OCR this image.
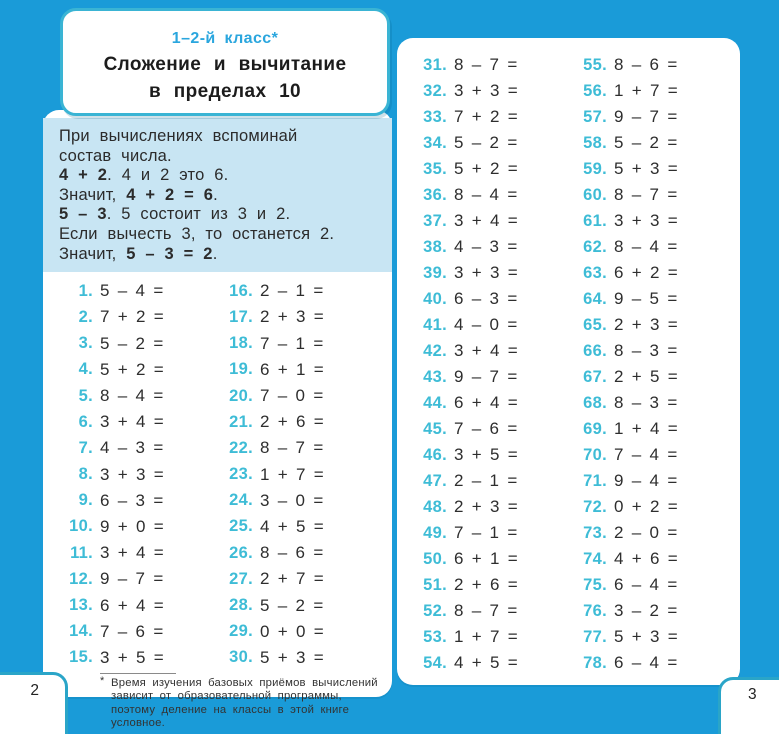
При вычислениях вспоминай
состав числа.
4 + 2. 4 и 2 это 6.
Значит, 4 + 2 = 6.
5 – 3. 5 состоит из 3 и 2.
Если вычесть 3, то останется 2.
Значит, 5 – 3 = 2.
1. 5 – 4 =
2. 7 + 2 =
3. 5 – 2 =
4. 5 + 2 =
5. 8 – 4 =
6. 3 + 4 =
7. 4 – 3 =
8. 3 + 3 =
9. 6 – 3 =
10. 9 + 0 =
11. 3 + 4 =
12. 9 – 7 =
13. 6 + 4 =
14. 7 – 6 =
15. 3 + 5 =
16. 2 – 1 =
17. 2 + 3 =
18. 7 – 1 =
19. 6 + 1 =
20. 7 – 0 =
21. 2 + 6 =
22. 8 – 7 =
23. 1 + 7 =
24. 3 – 0 =
25. 4 + 5 =
26. 8 – 6 =
27. 2 + 7 =
28. 5 – 2 =
29. 0 + 0 =
30. 5 + 3 =
* Время изучения базовых приёмов вычислений зависит от образовательной программы, поэтому деление на классы в этой книге условное.
1–2-й класс*
Сложение и вычитание
в пределах 10
31. 8 – 7 =
32. 3 + 3 =
33. 7 + 2 =
34. 5 – 2 =
35. 5 + 2 =
36. 8 – 4 =
37. 3 + 4 =
38. 4 – 3 =
39. 3 + 3 =
40. 6 – 3 =
41. 4 – 0 =
42. 3 + 4 =
43. 9 – 7 =
44. 6 + 4 =
45. 7 – 6 =
46. 3 + 5 =
47. 2 – 1 =
48. 2 + 3 =
49. 7 – 1 =
50. 6 + 1 =
51. 2 + 6 =
52. 8 – 7 =
53. 1 + 7 =
54. 4 + 5 =
55. 8 – 6 =
56. 1 + 7 =
57. 9 – 7 =
58. 5 – 2 =
59. 5 + 3 =
60. 8 – 7 =
61. 3 + 3 =
62. 8 – 4 =
63. 6 + 2 =
64. 9 – 5 =
65. 2 + 3 =
66. 8 – 3 =
67. 2 + 5 =
68. 8 – 3 =
69. 1 + 4 =
70. 7 – 4 =
71. 9 – 4 =
72. 0 + 2 =
73. 2 – 0 =
74. 4 + 6 =
75. 6 – 4 =
76. 3 – 2 =
77. 5 + 3 =
78. 6 – 4 =
2	3
